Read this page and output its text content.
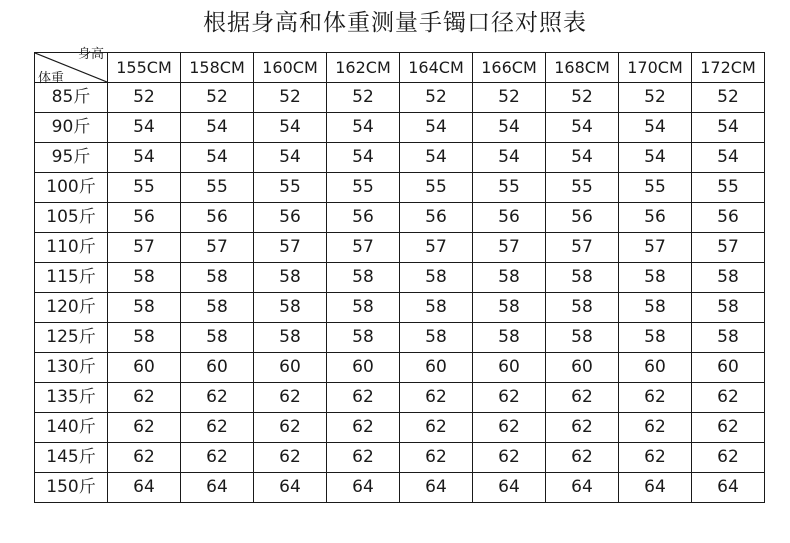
根据身高和体重测量手镯口径对照表
身高
体重	155CM	158CM	160CM	162CM	164CM	166CM	168CM	170CM	172CM
85斤	52	52	52	52	52	52	52	52	52
90斤	54	54	54	54	54	54	54	54	54
95斤	54	54	54	54	54	54	54	54	54
100斤	55	55	55	55	55	55	55	55	55
105斤	56	56	56	56	56	56	56	56	56
110斤	57	57	57	57	57	57	57	57	57
115斤	58	58	58	58	58	58	58	58	58
120斤	58	58	58	58	58	58	58	58	58
125斤	58	58	58	58	58	58	58	58	58
130斤	60	60	60	60	60	60	60	60	60
135斤	62	62	62	62	62	62	62	62	62
140斤	62	62	62	62	62	62	62	62	62
145斤	62	62	62	62	62	62	62	62	62
150斤	64	64	64	64	64	64	64	64	64
